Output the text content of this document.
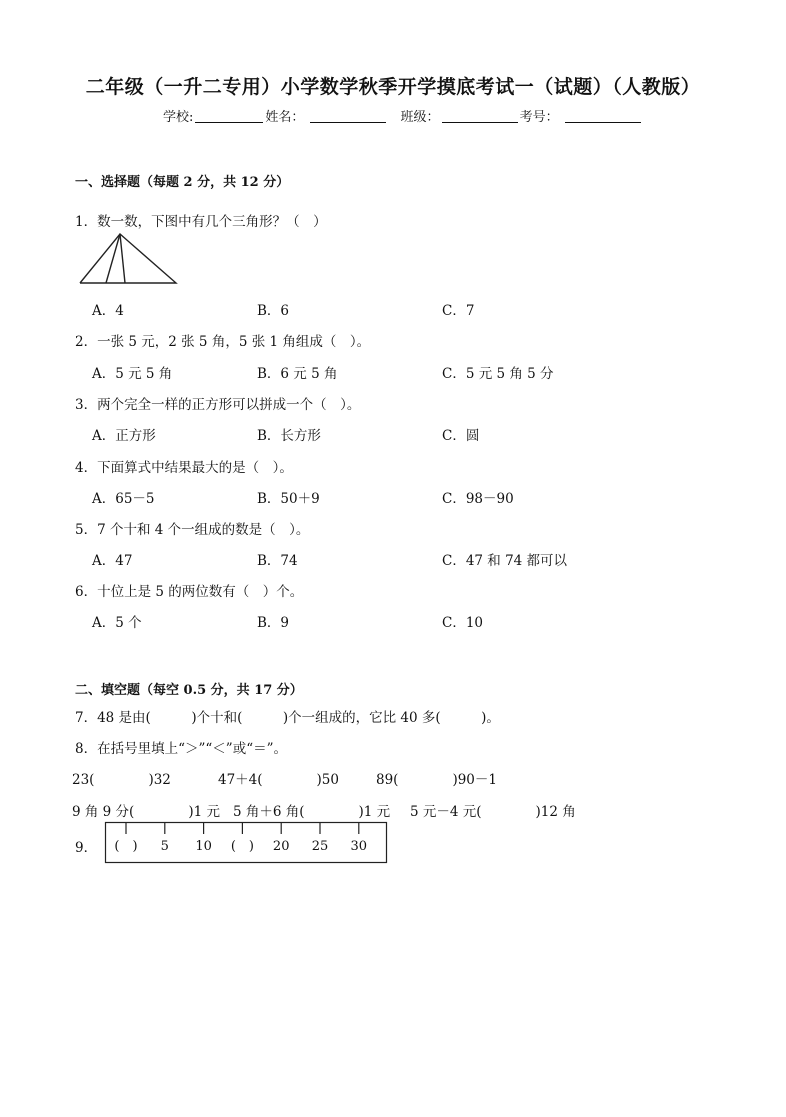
二年级（一升二专用）小学数学秋季开学摸底考试一（试题）（人教版）
学校:	姓名：	班级：	考号：
一、选择题（每题 2 分，共 12 分）
1．数一数，下图中有几个三角形？（　）
A．4	B．6	C．7
2．一张 5 元，2 张 5 角，5 张 1 角组成（　）。
A．5 元 5 角	B．6 元 5 角	C．5 元 5 角 5 分
3．两个完全一样的正方形可以拼成一个（　）。
A．正方形	B．长方形	C．圆
4．下面算式中结果最大的是（　）。
A．65－5	B．50＋9	C．98－90
5．7 个十和 4 个一组成的数是（　）。
A．47	B．74	C．47 和 74 都可以
6．十位上是 5 的两位数有（　）个。
A．5 个	B．9	C．10
二、填空题（每空 0.5 分，共 17 分）
7．48 是由(　　　)个十和(　　　)个一组成的，它比 40 多(　　　)。
8．在括号里填上“＞”“＜”或“＝”。
23(　　　　)32	47＋4(　　　　)50	89(　　　　)90－1
9 角 9 分(　　　　)1 元 5 角＋6 角(　　　　)1 元 5 元－4 元(　　　　)12 角
9． (　) 5 10 (　) 20 25 30
